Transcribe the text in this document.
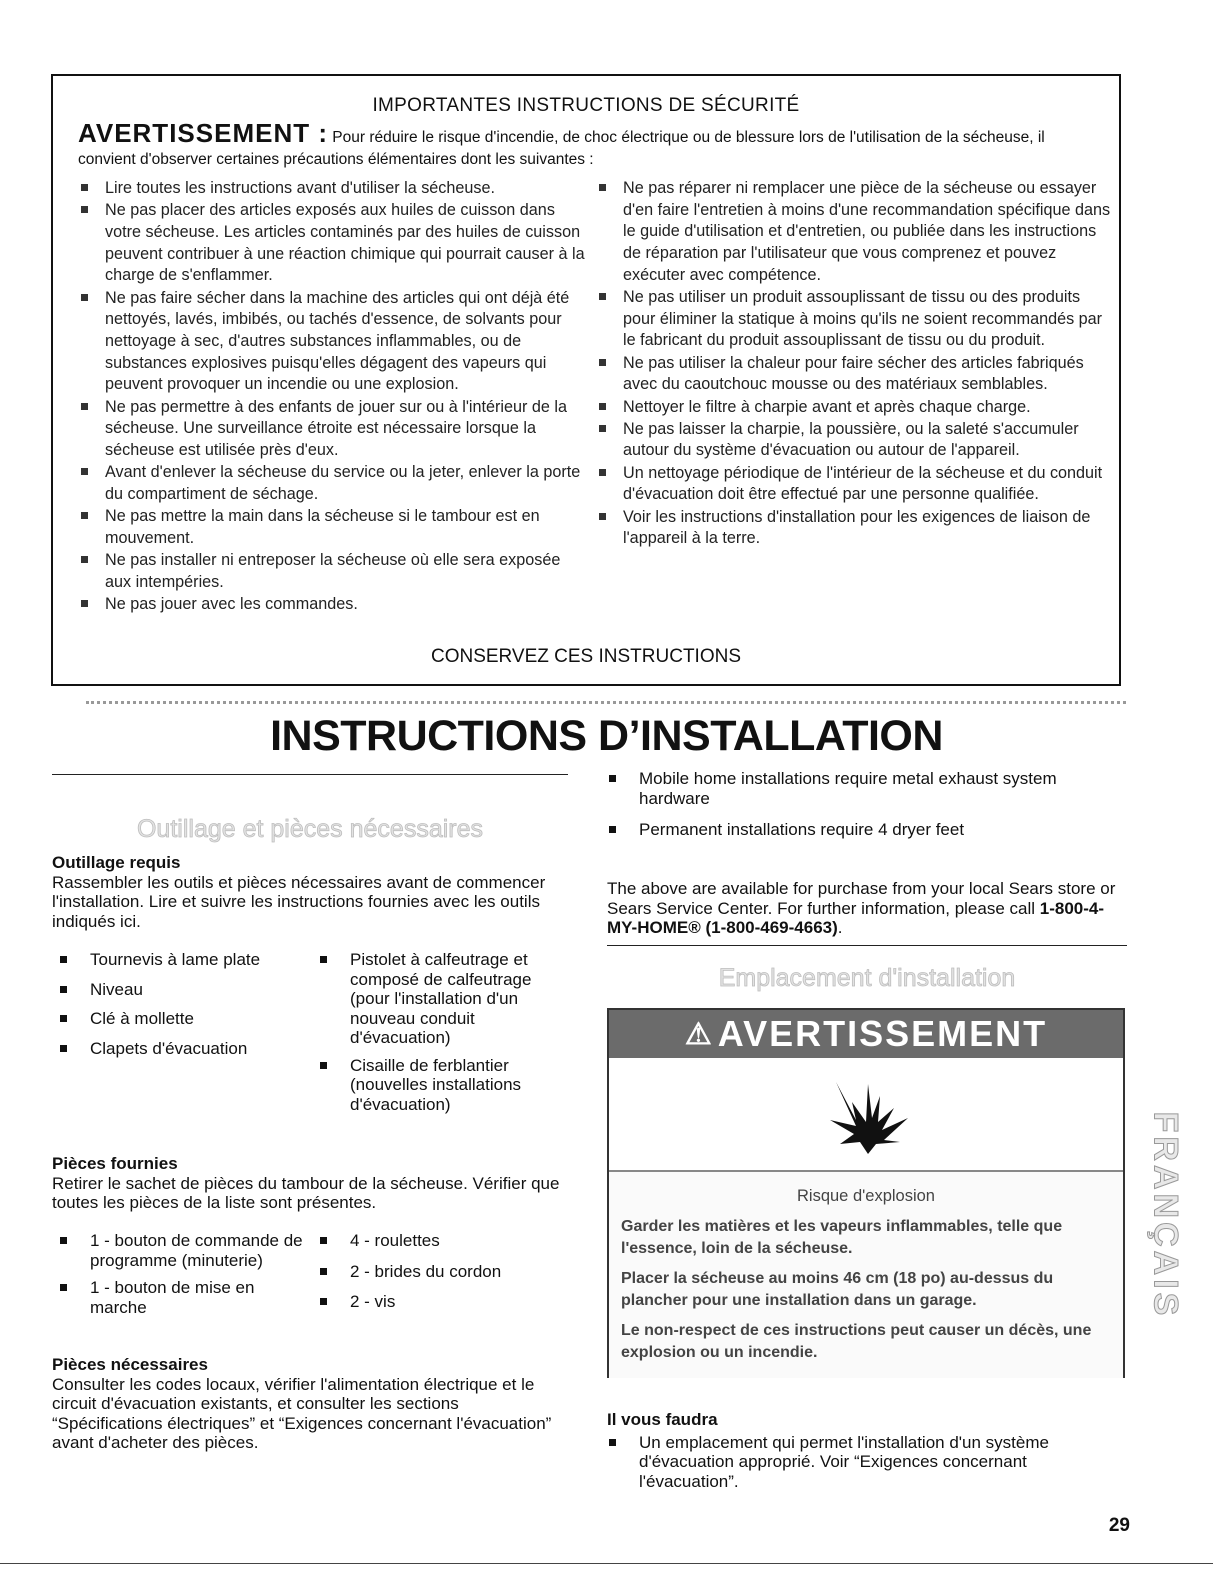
IMPORTANTES INSTRUCTIONS DE SÉCURITÉ
AVERTISSEMENT : Pour réduire le risque d'incendie, de choc électrique ou de blessure lors de l'utilisation de la sécheuse, il convient d'observer certaines précautions élémentaires dont les suivantes :
Lire toutes les instructions avant d'utiliser la sécheuse.
Ne pas placer des articles exposés aux huiles de cuisson dans votre sécheuse. Les articles contaminés par des huiles de cuisson peuvent contribuer à une réaction chimique qui pourrait causer à la charge de s'enflammer.
Ne pas faire sécher dans la machine des articles qui ont déjà été nettoyés, lavés, imbibés, ou tachés d'essence, de solvants pour nettoyage à sec, d'autres substances inflammables, ou de substances explosives puisqu'elles dégagent des vapeurs qui peuvent provoquer un incendie ou une explosion.
Ne pas permettre à des enfants de jouer sur ou à l'intérieur de la sécheuse. Une surveillance étroite est nécessaire lorsque la sécheuse est utilisée près d'eux.
Avant d'enlever la sécheuse du service ou la jeter, enlever la porte du compartiment de séchage.
Ne pas mettre la main dans la sécheuse si le tambour est en mouvement.
Ne pas installer ni entreposer la sécheuse où elle sera exposée aux intempéries.
Ne pas jouer avec les commandes.
Ne pas réparer ni remplacer une pièce de la sécheuse ou essayer d'en faire l'entretien à moins d'une recommandation spécifique dans le guide d'utilisation et d'entretien, ou publiée dans les instructions de réparation par l'utilisateur que vous comprenez et pouvez exécuter avec compétence.
Ne pas utiliser un produit assouplissant de tissu ou des produits pour éliminer la statique à moins qu'ils ne soient recommandés par le fabricant du produit assouplissant de tissu ou du produit.
Ne pas utiliser la chaleur pour faire sécher des articles fabriqués avec du caoutchouc mousse ou des matériaux semblables.
Nettoyer le filtre à charpie avant et après chaque charge.
Ne pas laisser la charpie, la poussière, ou la saleté s'accumuler autour du système d'évacuation ou autour de l'appareil.
Un nettoyage périodique de l'intérieur de la sécheuse et du conduit d'évacuation doit être effectué par une personne qualifiée.
Voir les instructions d'installation pour les exigences de liaison de l'appareil à la terre.
CONSERVEZ CES INSTRUCTIONS
INSTRUCTIONS D’INSTALLATION
Outillage et pièces nécessaires
Outillage requis

Rassembler les outils et pièces nécessaires avant de commencer l'installation. Lire et suivre les instructions fournies avec les outils indiqués ici.

Tournevis à lame plate
Niveau
Clé à mollette
Clapets d'évacuation
Pistolet à calfeutrage et composé de calfeutrage (pour l'installation d'un nouveau conduit d'évacuation)
Cisaille de ferblantier (nouvelles installations d'évacuation)
Pièces fournies

Retirer le sachet de pièces du tambour de la sécheuse. Vérifier que toutes les pièces de la liste sont présentes.

1 - bouton de commande de programme (minuterie)
1 - bouton de mise en marche
4 - roulettes
2 - brides du cordon
2 - vis
Pièces nécessaires

Consulter les codes locaux, vérifier l'alimentation électrique et le circuit d'évacuation existants, et consulter les sections “Spécifications électriques” et “Exigences concernant l'évacuation” avant d'acheter des pièces.

Mobile home installations require metal exhaust system hardware
Permanent installations require 4 dryer feet
The above are available for purchase from your local Sears store or Sears Service Center. For further information, please call 1-800-4-MY-HOME® (1-800-469-4663).
Emplacement d'installation
⚠ AVERTISSEMENT
Risque d'explosion
Garder les matières et les vapeurs inflammables, telle que l'essence, loin de la sécheuse.
Placer la sécheuse au moins 46 cm (18 po) au-dessus du plancher pour une installation dans un garage.
Le non-respect de ces instructions peut causer un décès, une explosion ou un incendie.
Il vous faudra
Un emplacement qui permet l'installation d'un système d'évacuation approprié. Voir “Exigences concernant l'évacuation”.
FRANÇAIS
29
